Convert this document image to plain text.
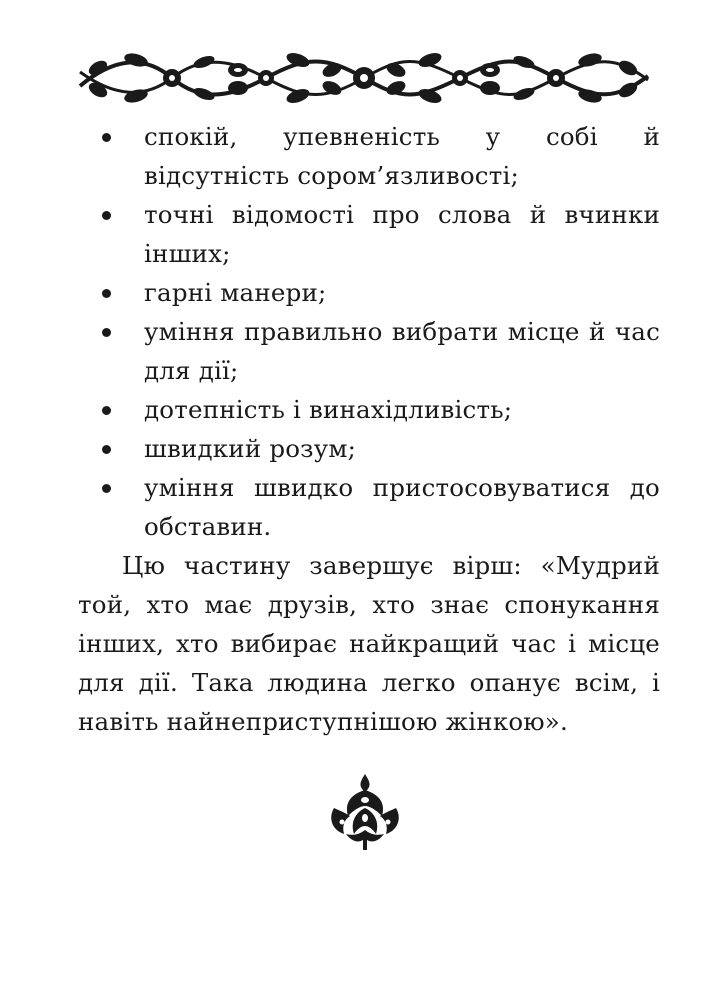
спокій, упевненість у собі й відсутність сором’язливості;
точні відомості про слова й вчинки інших;
гарні манери;
уміння правильно вибрати місце й час для дії;
дотепність і винахідливість;
швидкий розум;
уміння швидко пристосовуватися до обставин.

Цю частину завершує вірш: «Мудрий той, хто має друзів, хто знає спонукання інших, хто вибирає найкращий час і місце для дії. Така людина легко опанує всім, і навіть найнеприступнішою жінкою».
